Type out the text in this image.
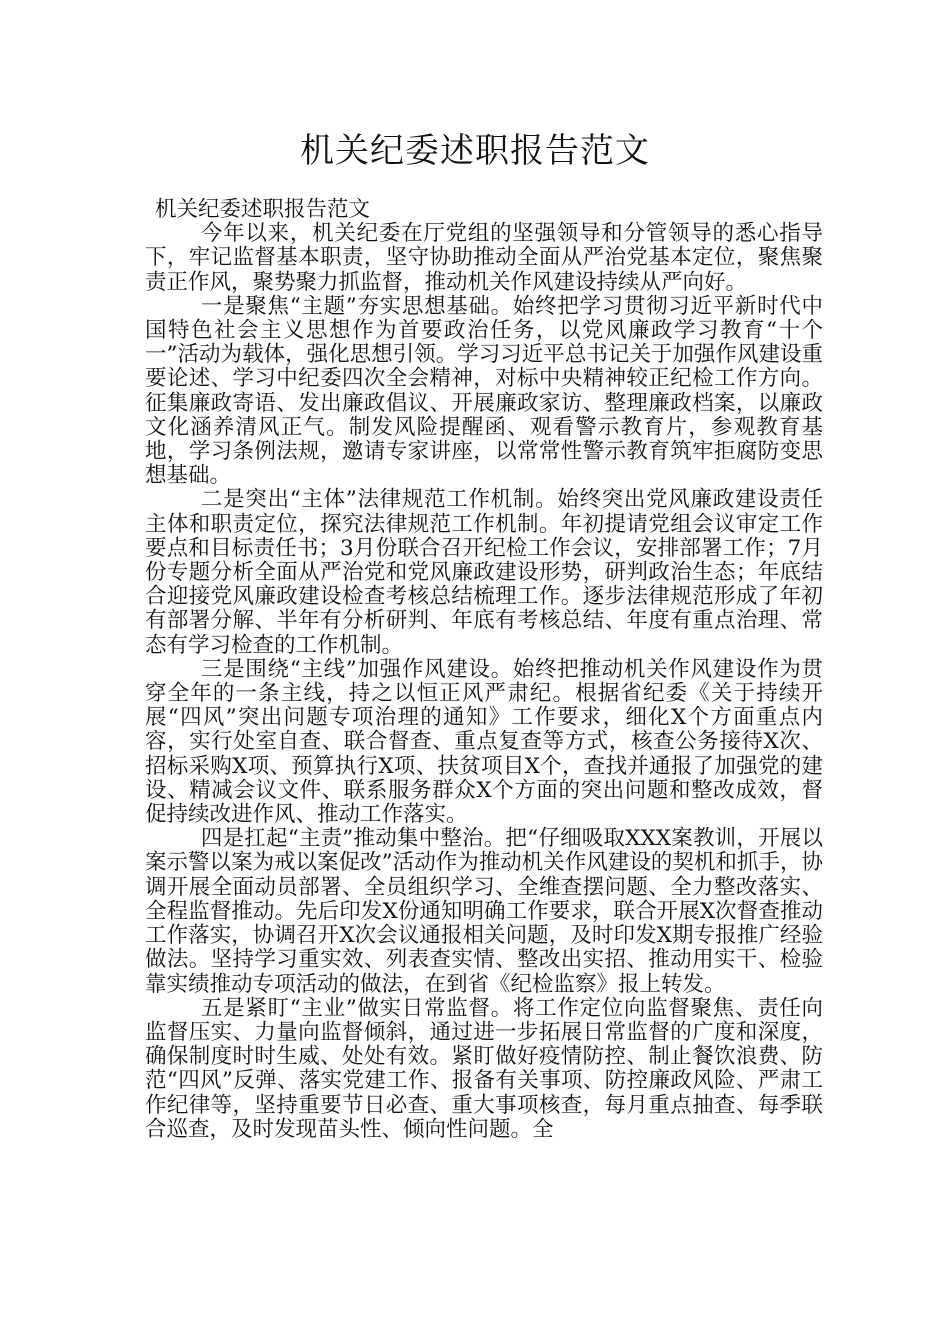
机关纪委述职报告范文

机关纪委述职报告范文

今年以来，机关纪委在厅党组的坚强领导和分管领导的悉心指导下，牢记监督基本职责，坚守协助推动全面从严治党基本定位，聚焦聚责正作风，聚势聚力抓监督，推动机关作风建设持续从严向好。

一是聚焦“主题”夯实思想基础。始终把学习贯彻习近平新时代中国特色社会主义思想作为首要政治任务，以党风廉政学习教育“十个一”活动为载体，强化思想引领。学习习近平总书记关于加强作风建设重要论述、学习中纪委四次全会精神，对标中央精神较正纪检工作方向。征集廉政寄语、发出廉政倡议、开展廉政家访、整理廉政档案，以廉政文化涵养清风正气。制发风险提醒函、观看警示教育片，参观教育基地，学习条例法规，邀请专家讲座，以常常性警示教育筑牢拒腐防变思想基础。

二是突出“主体”法律规范工作机制。始终突出党风廉政建设责任主体和职责定位，探究法律规范工作机制。年初提请党组会议审定工作要点和目标责任书；3月份联合召开纪检工作会议，安排部署工作；7月份专题分析全面从严治党和党风廉政建设形势，研判政治生态；年底结合迎接党风廉政建设检查考核总结梳理工作。逐步法律规范形成了年初有部署分解、半年有分析研判、年底有考核总结、年度有重点治理、常态有学习检查的工作机制。

三是围绕“主线”加强作风建设。始终把推动机关作风建设作为贯穿全年的一条主线，持之以恒正风严肃纪。根据省纪委《关于持续开展“四风”突出问题专项治理的通知》工作要求，细化X个方面重点内容，实行处室自查、联合督查、重点复查等方式，核查公务接待X次、招标采购X项、预算执行X项、扶贫项目X个，查找并通报了加强党的建设、精减会议文件、联系服务群众X个方面的突出问题和整改成效，督促持续改进作风、推动工作落实。

四是扛起“主责”推动集中整治。把“仔细吸取XXX案教训，开展以案示警以案为戒以案促改”活动作为推动机关作风建设的契机和抓手，协调开展全面动员部署、全员组织学习、全维查摆问题、全力整改落实、全程监督推动。先后印发X份通知明确工作要求，联合开展X次督查推动工作落实，协调召开X次会议通报相关问题，及时印发X期专报推广经验做法。坚持学习重实效、列表查实情、整改出实招、推动用实干、检验靠实绩推动专项活动的做法，在到省《纪检监察》报上转发。

五是紧盯“主业”做实日常监督。将工作定位向监督聚焦、责任向监督压实、力量向监督倾斜，通过进一步拓展日常监督的广度和深度，确保制度时时生威、处处有效。紧盯做好疫情防控、制止餐饮浪费、防范“四风”反弹、落实党建工作、报备有关事项、防控廉政风险、严肃工作纪律等，坚持重要节日必查、重大事项核查，每月重点抽查、每季联合巡查，及时发现苗头性、倾向性问题。全
